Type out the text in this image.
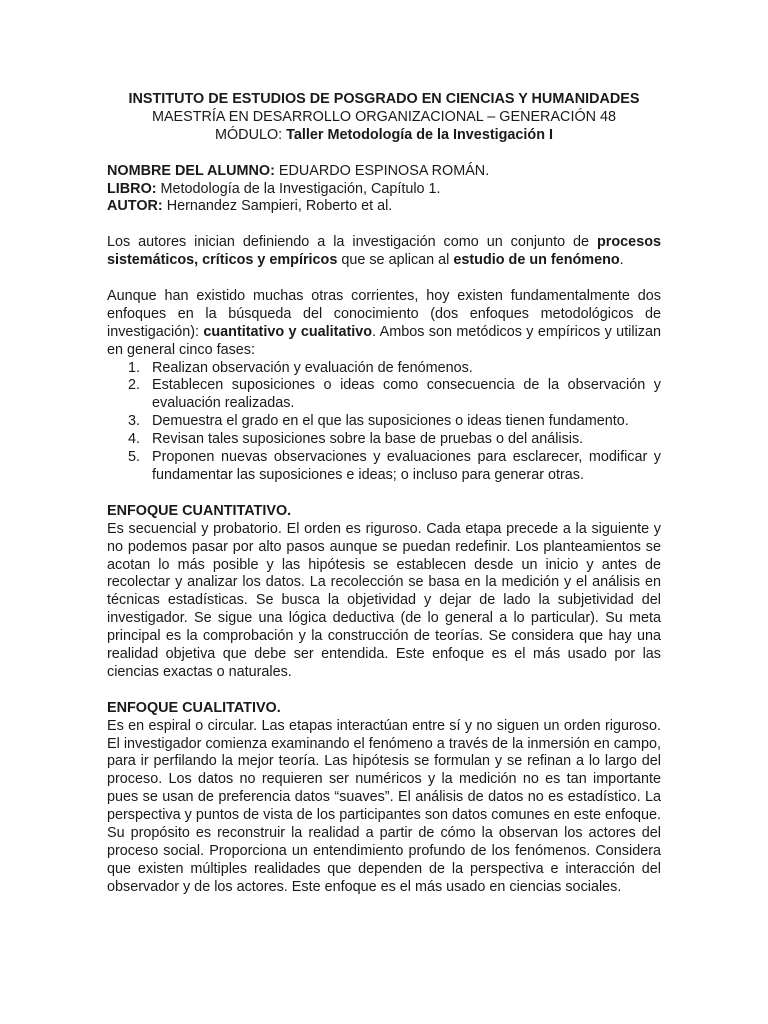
INSTITUTO DE ESTUDIOS DE POSGRADO EN CIENCIAS Y HUMANIDADES
MAESTRÍA EN DESARROLLO ORGANIZACIONAL – GENERACIÓN 48
MÓDULO: Taller Metodología de la Investigación I
NOMBRE DEL ALUMNO: EDUARDO ESPINOSA ROMÁN.
LIBRO: Metodología de la Investigación, Capítulo 1.
AUTOR: Hernandez Sampieri, Roberto et al.

Los autores inician definiendo a la investigación como un conjunto de procesos sistemáticos, críticos y empíricos que se aplican al estudio de un fenómeno.

Aunque han existido muchas otras corrientes, hoy existen fundamentalmente dos enfoques en la búsqueda del conocimiento (dos enfoques metodológicos de investigación): cuantitativo y cualitativo. Ambos son metódicos y empíricos y utilizan en general cinco fases:

1. Realizan observación y evaluación de fenómenos.
2. Establecen suposiciones o ideas como consecuencia de la observación y evaluación realizadas.
3. Demuestra el grado en el que las suposiciones o ideas tienen fundamento.
4. Revisan tales suposiciones sobre la base de pruebas o del análisis.
5. Proponen nuevas observaciones y evaluaciones para esclarecer, modificar y fundamentar las suposiciones e ideas; o incluso para generar otras.
ENFOQUE CUANTITATIVO.

Es secuencial y probatorio. El orden es riguroso. Cada etapa precede a la siguiente y no podemos pasar por alto pasos aunque se puedan redefinir. Los planteamientos se acotan lo más posible y las hipótesis se establecen desde un inicio y antes de recolectar y analizar los datos. La recolección se basa en la medición y el análisis en técnicas estadísticas. Se busca la objetividad y dejar de lado la subjetividad del investigador. Se sigue una lógica deductiva (de lo general a lo particular). Su meta principal es la comprobación y la construcción de teorías. Se considera que hay una realidad objetiva que debe ser entendida. Este enfoque es el más usado por las ciencias exactas o naturales.

ENFOQUE CUALITATIVO.

Es en espiral o circular. Las etapas interactúan entre sí y no siguen un orden riguroso. El investigador comienza examinando el fenómeno a través de la inmersión en campo, para ir perfilando la mejor teoría. Las hipótesis se formulan y se refinan a lo largo del proceso. Los datos no requieren ser numéricos y la medición no es tan importante pues se usan de preferencia datos “suaves”. El análisis de datos no es estadístico. La perspectiva y puntos de vista de los participantes son datos comunes en este enfoque. Su propósito es reconstruir la realidad a partir de cómo la observan los actores del proceso social. Proporciona un entendimiento profundo de los fenómenos. Considera que existen múltiples realidades que dependen de la perspectiva e interacción del observador y de los actores. Este enfoque es el más usado en ciencias sociales.
